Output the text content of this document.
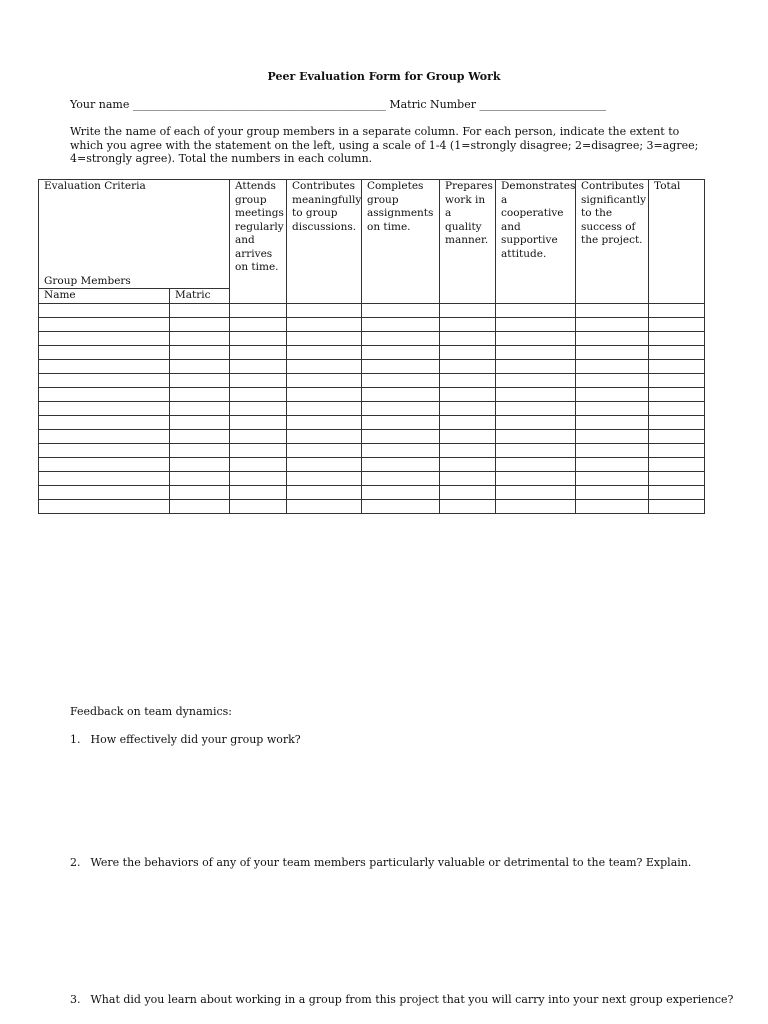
Peer Evaluation Form for Group Work
Your name ______________________________________________ Matric Number _______________________
Write the name of each of your group members in a separate column. For each person, indicate the extent to which you agree with the statement on the left, using a scale of 1-4 (1=strongly disagree; 2=disagree; 3=agree; 4=strongly agree). Total the numbers in each column.
Evaluation Criteria
Group Members		Attends group meetings regularly and arrives on time.	Contributes meaningfully to group discussions.	Completes group assignments on time.	Prepares work in a quality manner.	Demonstrates a cooperative and supportive attitude.	Contributes significantly to the success of the project.	Total
Name	Matric							

Feedback on team dynamics:
1. How effectively did your group work?
2. Were the behaviors of any of your team members particularly valuable or detrimental to the team? Explain.
3. What did you learn about working in a group from this project that you will carry into your next group experience?
